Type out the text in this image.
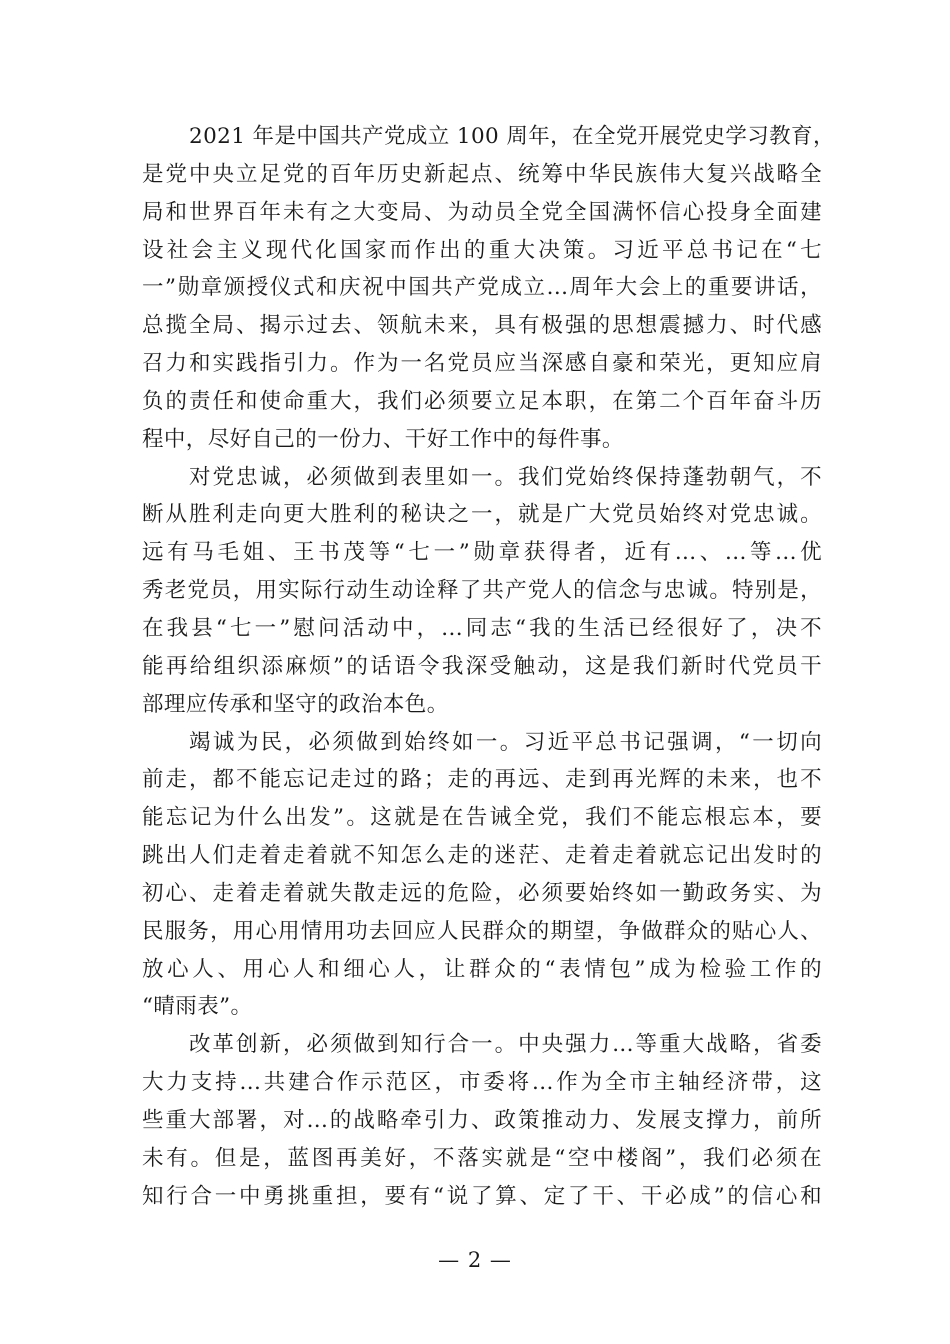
2021 年是中国共产党成立 100 周年，在全党开展党史学习教育，
是党中央立足党的百年历史新起点、统筹中华民族伟大复兴战略全
局和世界百年未有之大变局、为动员全党全国满怀信心投身全面建
设社会主义现代化国家而作出的重大决策。习近平总书记在“七
一”勋章颁授仪式和庆祝中国共产党成立...周年大会上的重要讲话，
总揽全局、揭示过去、领航未来，具有极强的思想震撼力、时代感
召力和实践指引力。作为一名党员应当深感自豪和荣光，更知应肩
负的责任和使命重大，我们必须要立足本职，在第二个百年奋斗历
程中，尽好自己的一份力、干好工作中的每件事。
对党忠诚，必须做到表里如一。我们党始终保持蓬勃朝气，不
断从胜利走向更大胜利的秘诀之一，就是广大党员始终对党忠诚。
远有马毛姐、王书茂等“七一”勋章获得者，近有...、...等...优
秀老党员，用实际行动生动诠释了共产党人的信念与忠诚。特别是，
在我县“七一”慰问活动中，...同志“我的生活已经很好了，决不
能再给组织添麻烦”的话语令我深受触动，这是我们新时代党员干
部理应传承和坚守的政治本色。
竭诚为民，必须做到始终如一。习近平总书记强调，“一切向
前走，都不能忘记走过的路；走的再远、走到再光辉的未来，也不
能忘记为什么出发”。这就是在告诫全党，我们不能忘根忘本，要
跳出人们走着走着就不知怎么走的迷茫、走着走着就忘记出发时的
初心、走着走着就失散走远的危险，必须要始终如一勤政务实、为
民服务，用心用情用功去回应人民群众的期望，争做群众的贴心人、
放心人、用心人和细心人，让群众的“表情包”成为检验工作的
“晴雨表”。
改革创新，必须做到知行合一。中央强力...等重大战略，省委
大力支持...共建合作示范区，市委将...作为全市主轴经济带，这
些重大部署，对...的战略牵引力、政策推动力、发展支撑力，前所
未有。但是，蓝图再美好，不落实就是“空中楼阁”，我们必须在
知行合一中勇挑重担，要有“说了算、定了干、干必成”的信心和
— 2 —
